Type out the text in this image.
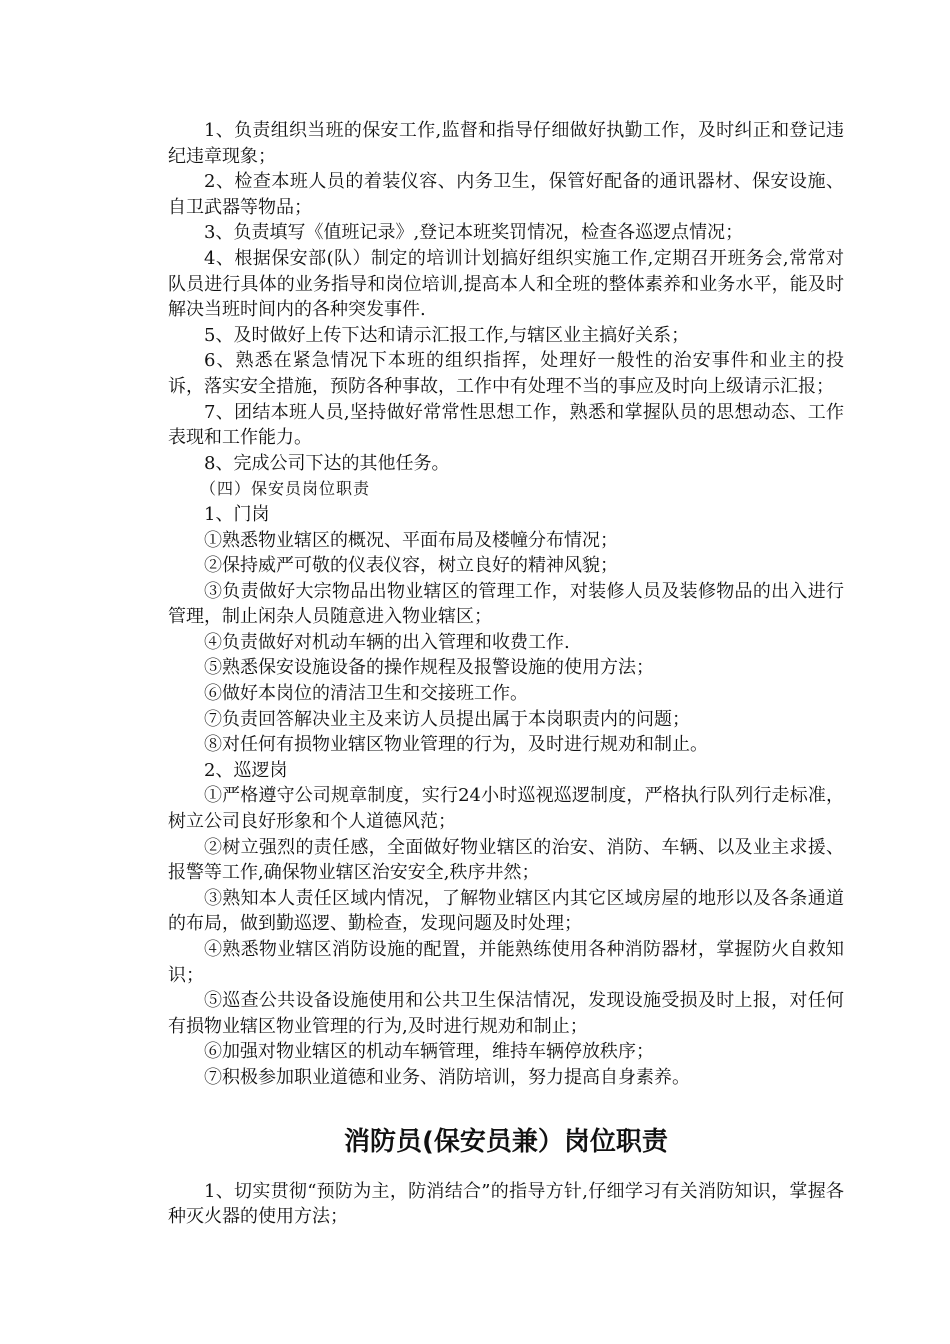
1、负责组织当班的保安工作,监督和指导仔细做好执勤工作，及时纠正和登记违纪违章现象；

2、检查本班人员的着装仪容、内务卫生，保管好配备的通讯器材、保安设施、自卫武器等物品；

3、负责填写《值班记录》,登记本班奖罚情况，检查各巡逻点情况；

4、根据保安部(队）制定的培训计划搞好组织实施工作,定期召开班务会,常常对队员进行具体的业务指导和岗位培训,提高本人和全班的整体素养和业务水平，能及时解决当班时间内的各种突发事件.

5、及时做好上传下达和请示汇报工作,与辖区业主搞好关系；

6、熟悉在紧急情况下本班的组织指挥，处理好一般性的治安事件和业主的投诉，落实安全措施，预防各种事故，工作中有处理不当的事应及时向上级请示汇报；

7、团结本班人员,坚持做好常常性思想工作，熟悉和掌握队员的思想动态、工作表现和工作能力。

8、完成公司下达的其他任务。

（四）保安员岗位职责

1、门岗

①熟悉物业辖区的概况、平面布局及楼幢分布情况；

②保持威严可敬的仪表仪容，树立良好的精神风貌；

③负责做好大宗物品出物业辖区的管理工作，对装修人员及装修物品的出入进行管理，制止闲杂人员随意进入物业辖区；

④负责做好对机动车辆的出入管理和收费工作.

⑤熟悉保安设施设备的操作规程及报警设施的使用方法；

⑥做好本岗位的清洁卫生和交接班工作。

⑦负责回答解决业主及来访人员提出属于本岗职责内的问题；

⑧对任何有损物业辖区物业管理的行为，及时进行规劝和制止。

2、巡逻岗

①严格遵守公司规章制度，实行24小时巡视巡逻制度，严格执行队列行走标准，树立公司良好形象和个人道德风范；

②树立强烈的责任感，全面做好物业辖区的治安、消防、车辆、以及业主求援、报警等工作,确保物业辖区治安安全,秩序井然；

③熟知本人责任区域内情况，了解物业辖区内其它区域房屋的地形以及各条通道的布局，做到勤巡逻、勤检查，发现问题及时处理；

④熟悉物业辖区消防设施的配置，并能熟练使用各种消防器材，掌握防火自救知识；

⑤巡查公共设备设施使用和公共卫生保洁情况，发现设施受损及时上报，对任何有损物业辖区物业管理的行为,及时进行规劝和制止；

⑥加强对物业辖区的机动车辆管理，维持车辆停放秩序；

⑦积极参加职业道德和业务、消防培训，努力提高自身素养。

消防员(保安员兼）岗位职责

1、切实贯彻“预防为主，防消结合”的指导方针,仔细学习有关消防知识，掌握各种灭火器的使用方法；
